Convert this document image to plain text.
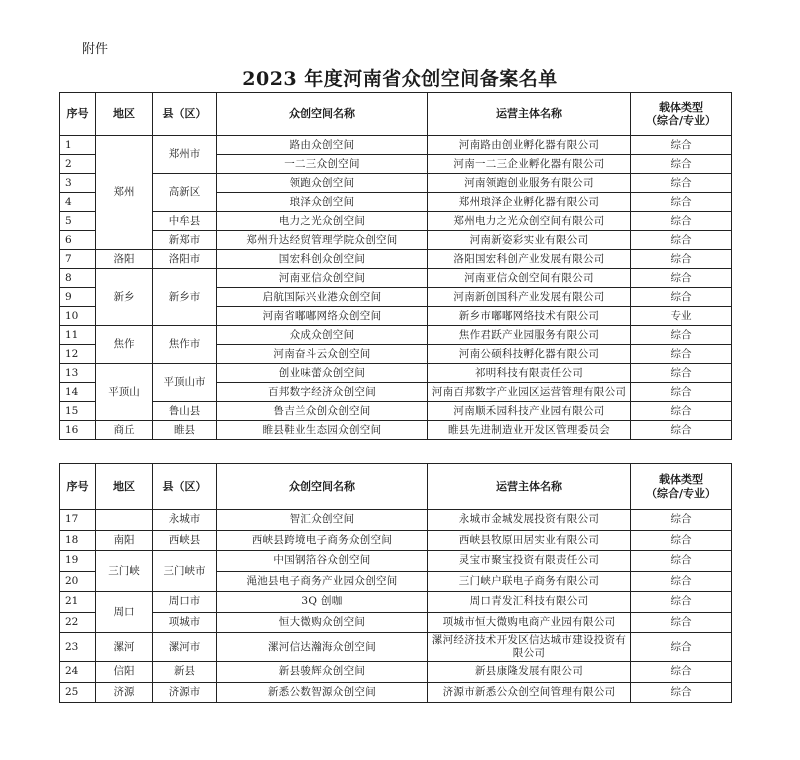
附件
2023 年度河南省众创空间备案名单
序号	地区	县（区）	众创空间名称	运营主体名称	载体类型
（综合/专业）

1	郑州	郑州市	路由众创空间	河南路由创业孵化器有限公司	综合
2			一二三众创空间	河南一二三企业孵化器有限公司	综合
3		高新区	领跑众创空间	河南领跑创业服务有限公司	综合
4			琅泽众创空间	郑州琅泽企业孵化器有限公司	综合
5		中牟县	电力之光众创空间	郑州电力之光众创空间有限公司	综合
6		新郑市	郑州升达经贸管理学院众创空间	河南新姿彩实业有限公司	综合
7	洛阳	洛阳市	国宏科创众创空间	洛阳国宏科创产业发展有限公司	综合
8	新乡	新乡市	河南亚信众创空间	河南亚信众创空间有限公司	综合
9			启航国际兴业港众创空间	河南新创国科产业发展有限公司	综合
10			河南省嘟嘟网络众创空间	新乡市嘟嘟网络技术有限公司	专业
11	焦作	焦作市	众成众创空间	焦作君跃产业园服务有限公司	综合
12			河南奋斗云众创空间	河南公硕科技孵化器有限公司	综合
13	平顶山	平顶山市	创业味蕾众创空间	祁明科技有限责任公司	综合
14			百邦数字经济众创空间	河南百邦数字产业园区运营管理有限公司	综合
15		鲁山县	鲁吉兰众创众创空间	河南顺禾园科技产业园有限公司	综合
16	商丘	睢县	睢县鞋业生态园众创空间	睢县先进制造业开发区管理委员会	综合
序号	地区	县（区）	众创空间名称	运营主体名称	载体类型
（综合/专业）

17		永城市	智汇众创空间	永城市金城发展投资有限公司	综合
18	南阳	西峡县	西峡县跨境电子商务众创空间	西峡县牧原田居实业有限公司	综合
19	三门峡	三门峡市	中国钢箔谷众创空间	灵宝市聚宝投资有限责任公司	综合
20			渑池县电子商务产业园众创空间	三门峡户联电子商务有限公司	综合
21	周口	周口市	3Q 创咖	周口青发汇科技有限公司	综合
22		项城市	恒大微购众创空间	项城市恒大微购电商产业园有限公司	综合
23	漯河	漯河市	漯河信达瀚海众创空间	漯河经济技术开发区信达城市建设投资有限公司	综合
24	信阳	新县	新县骏辉众创空间	新县康隆发展有限公司	综合
25	济源	济源市	新悉公数智源众创空间	济源市新悉公众创空间管理有限公司	综合
